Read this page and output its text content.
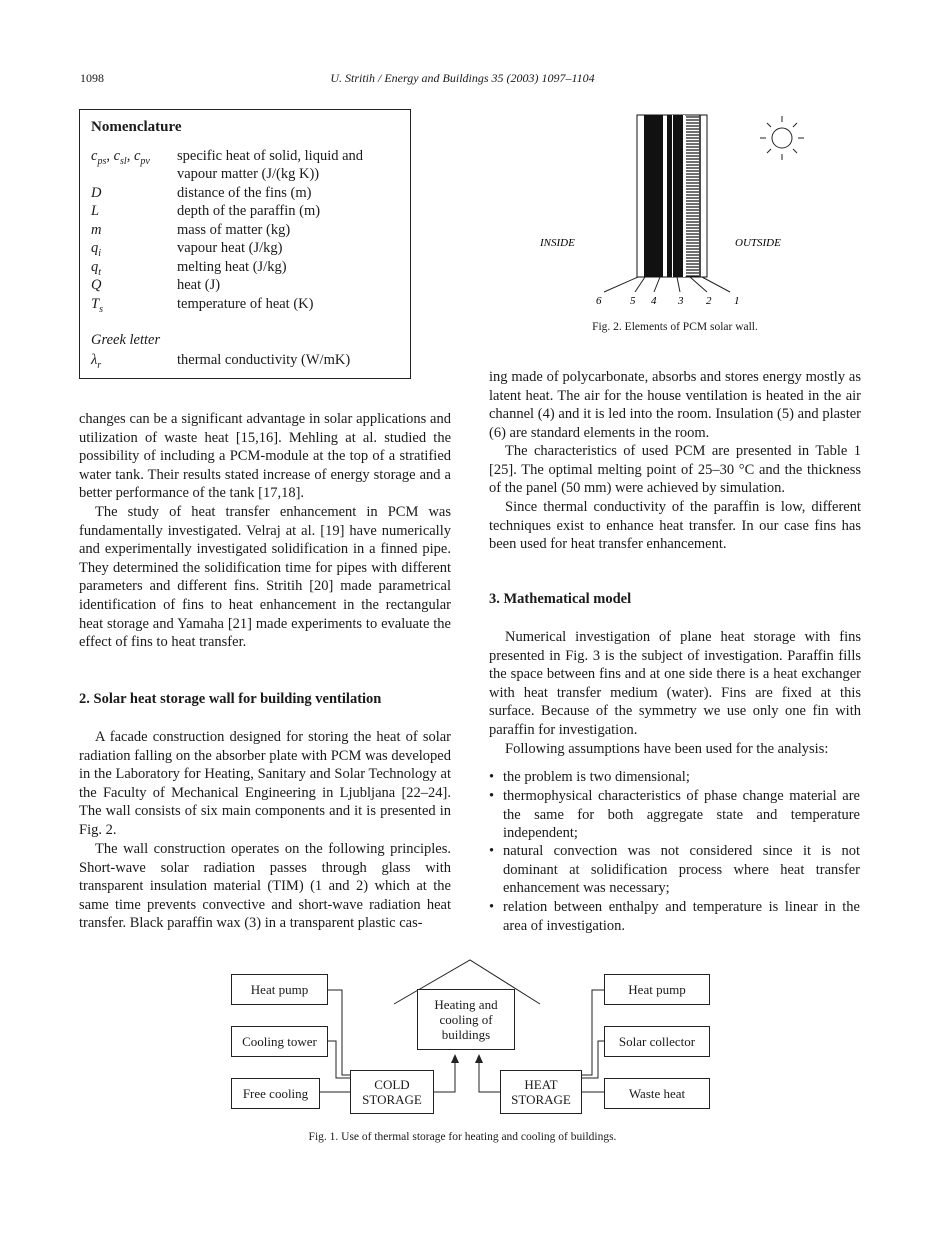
1098	U. Stritih / Energy and Buildings 35 (2003) 1097–1104
Nomenclature
$c_{ps}$, $c_{sl}$, $c_{pv}$ specific heat of solid, liquid and
vapour matter (J/(kg K))
D	distance of the fins (m)
L	depth of the paraffin (m)
m	mass of matter (kg)
$q_i$	vapour heat (J/kg)
$q_t$	melting heat (J/kg)
Q	heat (J)
$T_s$	temperature of heat (K)
Greek letter
$\lambda_r$	thermal conductivity (W/mK)

changes can be a significant advantage in solar applications and utilization of waste heat [15,16]. Mehling at al. studied the possibility of including a PCM-module at the top of a stratified water tank. Their results stated increase of energy storage and a better performance of the tank [17,18].

The study of heat transfer enhancement in PCM was fundamentally investigated. Velraj at al. [19] have numerically and experimentally investigated solidification in a finned pipe. They determined the solidification time for pipes with different parameters and different fins. Stritih [20] made parametrical identification of fins to heat enhancement in the rectangular heat storage and Yamaha [21] made experiments to evaluate the effect of fins to heat transfer.

2. Solar heat storage wall for building ventilation

A facade construction designed for storing the heat of solar radiation falling on the absorber plate with PCM was developed in the Laboratory for Heating, Sanitary and Solar Technology at the Faculty of Mechanical Engineering in Ljubljana [22–24]. The wall consists of six main components and it is presented in Fig. 2.

The wall construction operates on the following principles. Short-wave solar radiation passes through glass with transparent insulation material (TIM) (1 and 2) which at the same time prevents convective and short-wave radiation heat transfer. Black paraffin wax (3) in a transparent plastic cas-

INSIDE	OUTSIDE
6	5 4 3 2 1
Fig. 2. Elements of PCM solar wall.

ing made of polycarbonate, absorbs and stores energy mostly as latent heat. The air for the house ventilation is heated in the air channel (4) and it is led into the room. Insulation (5) and plaster (6) are standard elements in the room.

The characteristics of used PCM are presented in Table 1 [25]. The optimal melting point of 25–30 °C and the thickness of the panel (50 mm) were achieved by simulation.

Since thermal conductivity of the paraffin is low, different techniques exist to enhance heat transfer. In our case fins has been used for heat transfer enhancement.

3. Mathematical model

Numerical investigation of plane heat storage with fins presented in Fig. 3 is the subject of investigation. Paraffin fills the space between fins and at one side there is a heat exchanger with heat transfer medium (water). Fins are fixed at this surface. Because of the symmetry we use only one fin with paraffin for investigation.

Following assumptions have been used for the analysis:

• the problem is two dimensional;
• thermophysical characteristics of phase change material are the same for both aggregate state and temperature independent;
• natural convection was not considered since it is not dominant at solidification process where heat transfer enhancement was necessary;
• relation between enthalpy and temperature is linear in the area of investigation.
Heat pump
Cooling tower
Free cooling
Heat pump
Solar collector
Waste heat
Heating and cooling of buildings
COLD STORAGE
HEAT STORAGE
Fig. 1. Use of thermal storage for heating and cooling of buildings.
